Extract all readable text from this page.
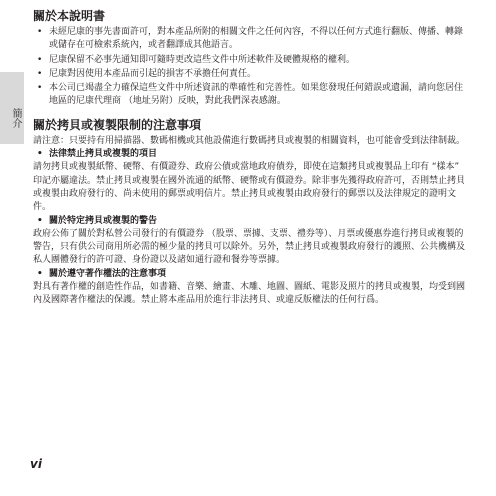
簡介
關於本說明書
• 未經尼康的事先書面許可，對本產品所附的相關文件之任何內容，不得以任何方式進行翻版、傳播、轉錄或儲存在可檢索系統內，或者翻譯成其他語言。
• 尼康保留不必事先通知即可隨時更改這些文件中所述軟件及硬體規格的權利。
• 尼康對因使用本產品而引起的損害不承擔任何責任。
• 本公司已竭盡全力確保這些文件中所述資訊的準確性和完善性。如果您發現任何錯誤或遺漏，請向您居住地區的尼康代理商 （地址另附）反映，對此我們深表感謝。
關於拷貝或複製限制的注意事項

請注意：只要持有用掃描器、數碼相機或其他設備進行數碼拷貝或複製的相關資料，也可能會受到法律制裁。

• 法律禁止拷貝或複製的項目

請勿拷貝或複製紙幣、硬幣、有價證券、政府公債或當地政府債券，即使在這類拷貝或複製品上印有 “樣本” 印記亦屬違法。禁止拷貝或複製在國外流通的紙幣、硬幣或有價證券。除非事先獲得政府許可，否則禁止拷貝或複製由政府發行的、尚未使用的郵票或明信片。禁止拷貝或複製由政府發行的郵票以及法律規定的證明文件。

• 關於特定拷貝或複製的警告

政府公佈了關於對私營公司發行的有價證券 （股票、票據、支票、禮券等）、月票或優惠券進行拷貝或複製的警告，只有供公司商用所必需的極少量的拷貝可以除外。另外，禁止拷貝或複製政府發行的護照、公共機構及私人團體發行的許可證、身份證以及諸如通行證和餐券等票據。

• 關於遵守著作權法的注意事項

對具有著作權的創造性作品，如書籍、音樂、繪畫、木雕、地圖、圖紙、電影及照片的拷貝或複製，均受到國內及國際著作權法的保護。禁止將本產品用於進行非法拷貝、或違反版權法的任何行爲。

vi
